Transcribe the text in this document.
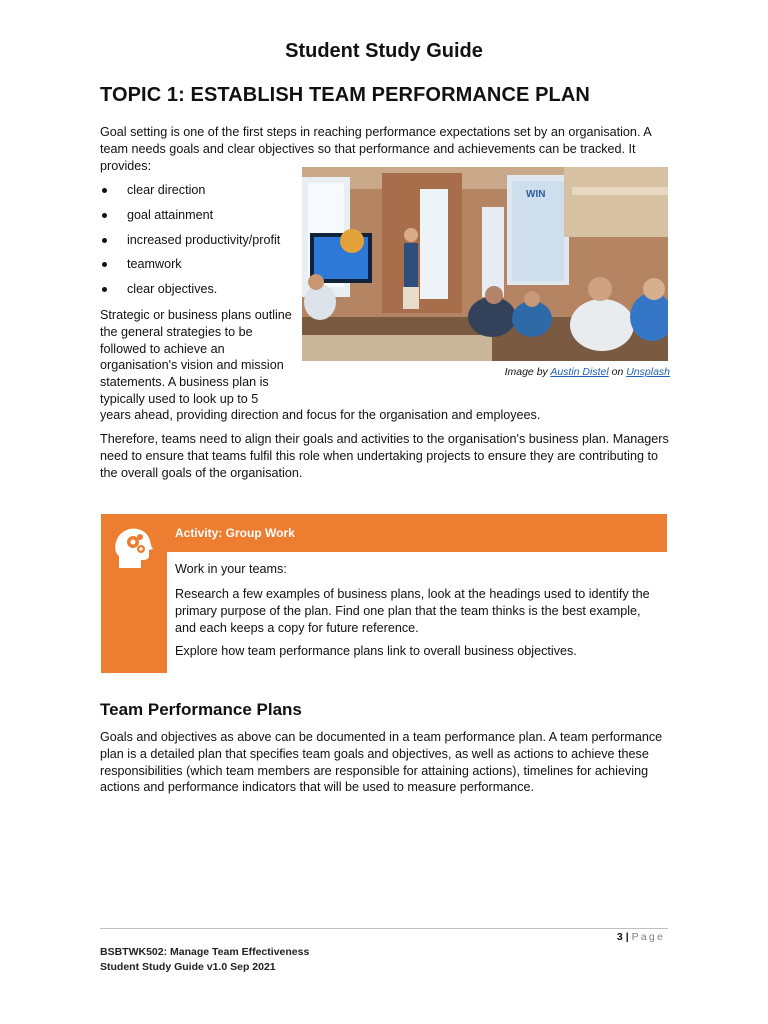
Student Study Guide
TOPIC 1: ESTABLISH TEAM PERFORMANCE PLAN

Goal setting is one of the first steps in reaching performance expectations set by an organisation. A team needs goals and clear objectives so that performance and achievements can be tracked. It provides:

clear direction
goal attainment
increased productivity/profit
teamwork
clear objectives.

Strategic or business plans outline the general strategies to be followed to achieve an organisation's vision and mission statements. A business plan is typically used to look up to 5

years ahead, providing direction and focus for the organisation and employees.

WIN
Image by Austin Distel on Unsplash

Therefore, teams need to align their goals and activities to the organisation's business plan. Managers need to ensure that teams fulfil this role when undertaking projects to ensure they are contributing to the overall goals of the organisation.

Activity: Group Work

Work in your teams:

Research a few examples of business plans, look at the headings used to identify the primary purpose of the plan. Find one plan that the team thinks is the best example, and each keeps a copy for future reference.

Explore how team performance plans link to overall business objectives.

Team Performance Plans

Goals and objectives as above can be documented in a team performance plan. A team performance plan is a detailed plan that specifies team goals and objectives, as well as actions to achieve these responsibilities (which team members are responsible for attaining actions), timelines for achieving actions and performance indicators that will be used to measure performance.

3 | Page
BSBTWK502: Manage Team Effectiveness
Student Study Guide v1.0 Sep 2021
